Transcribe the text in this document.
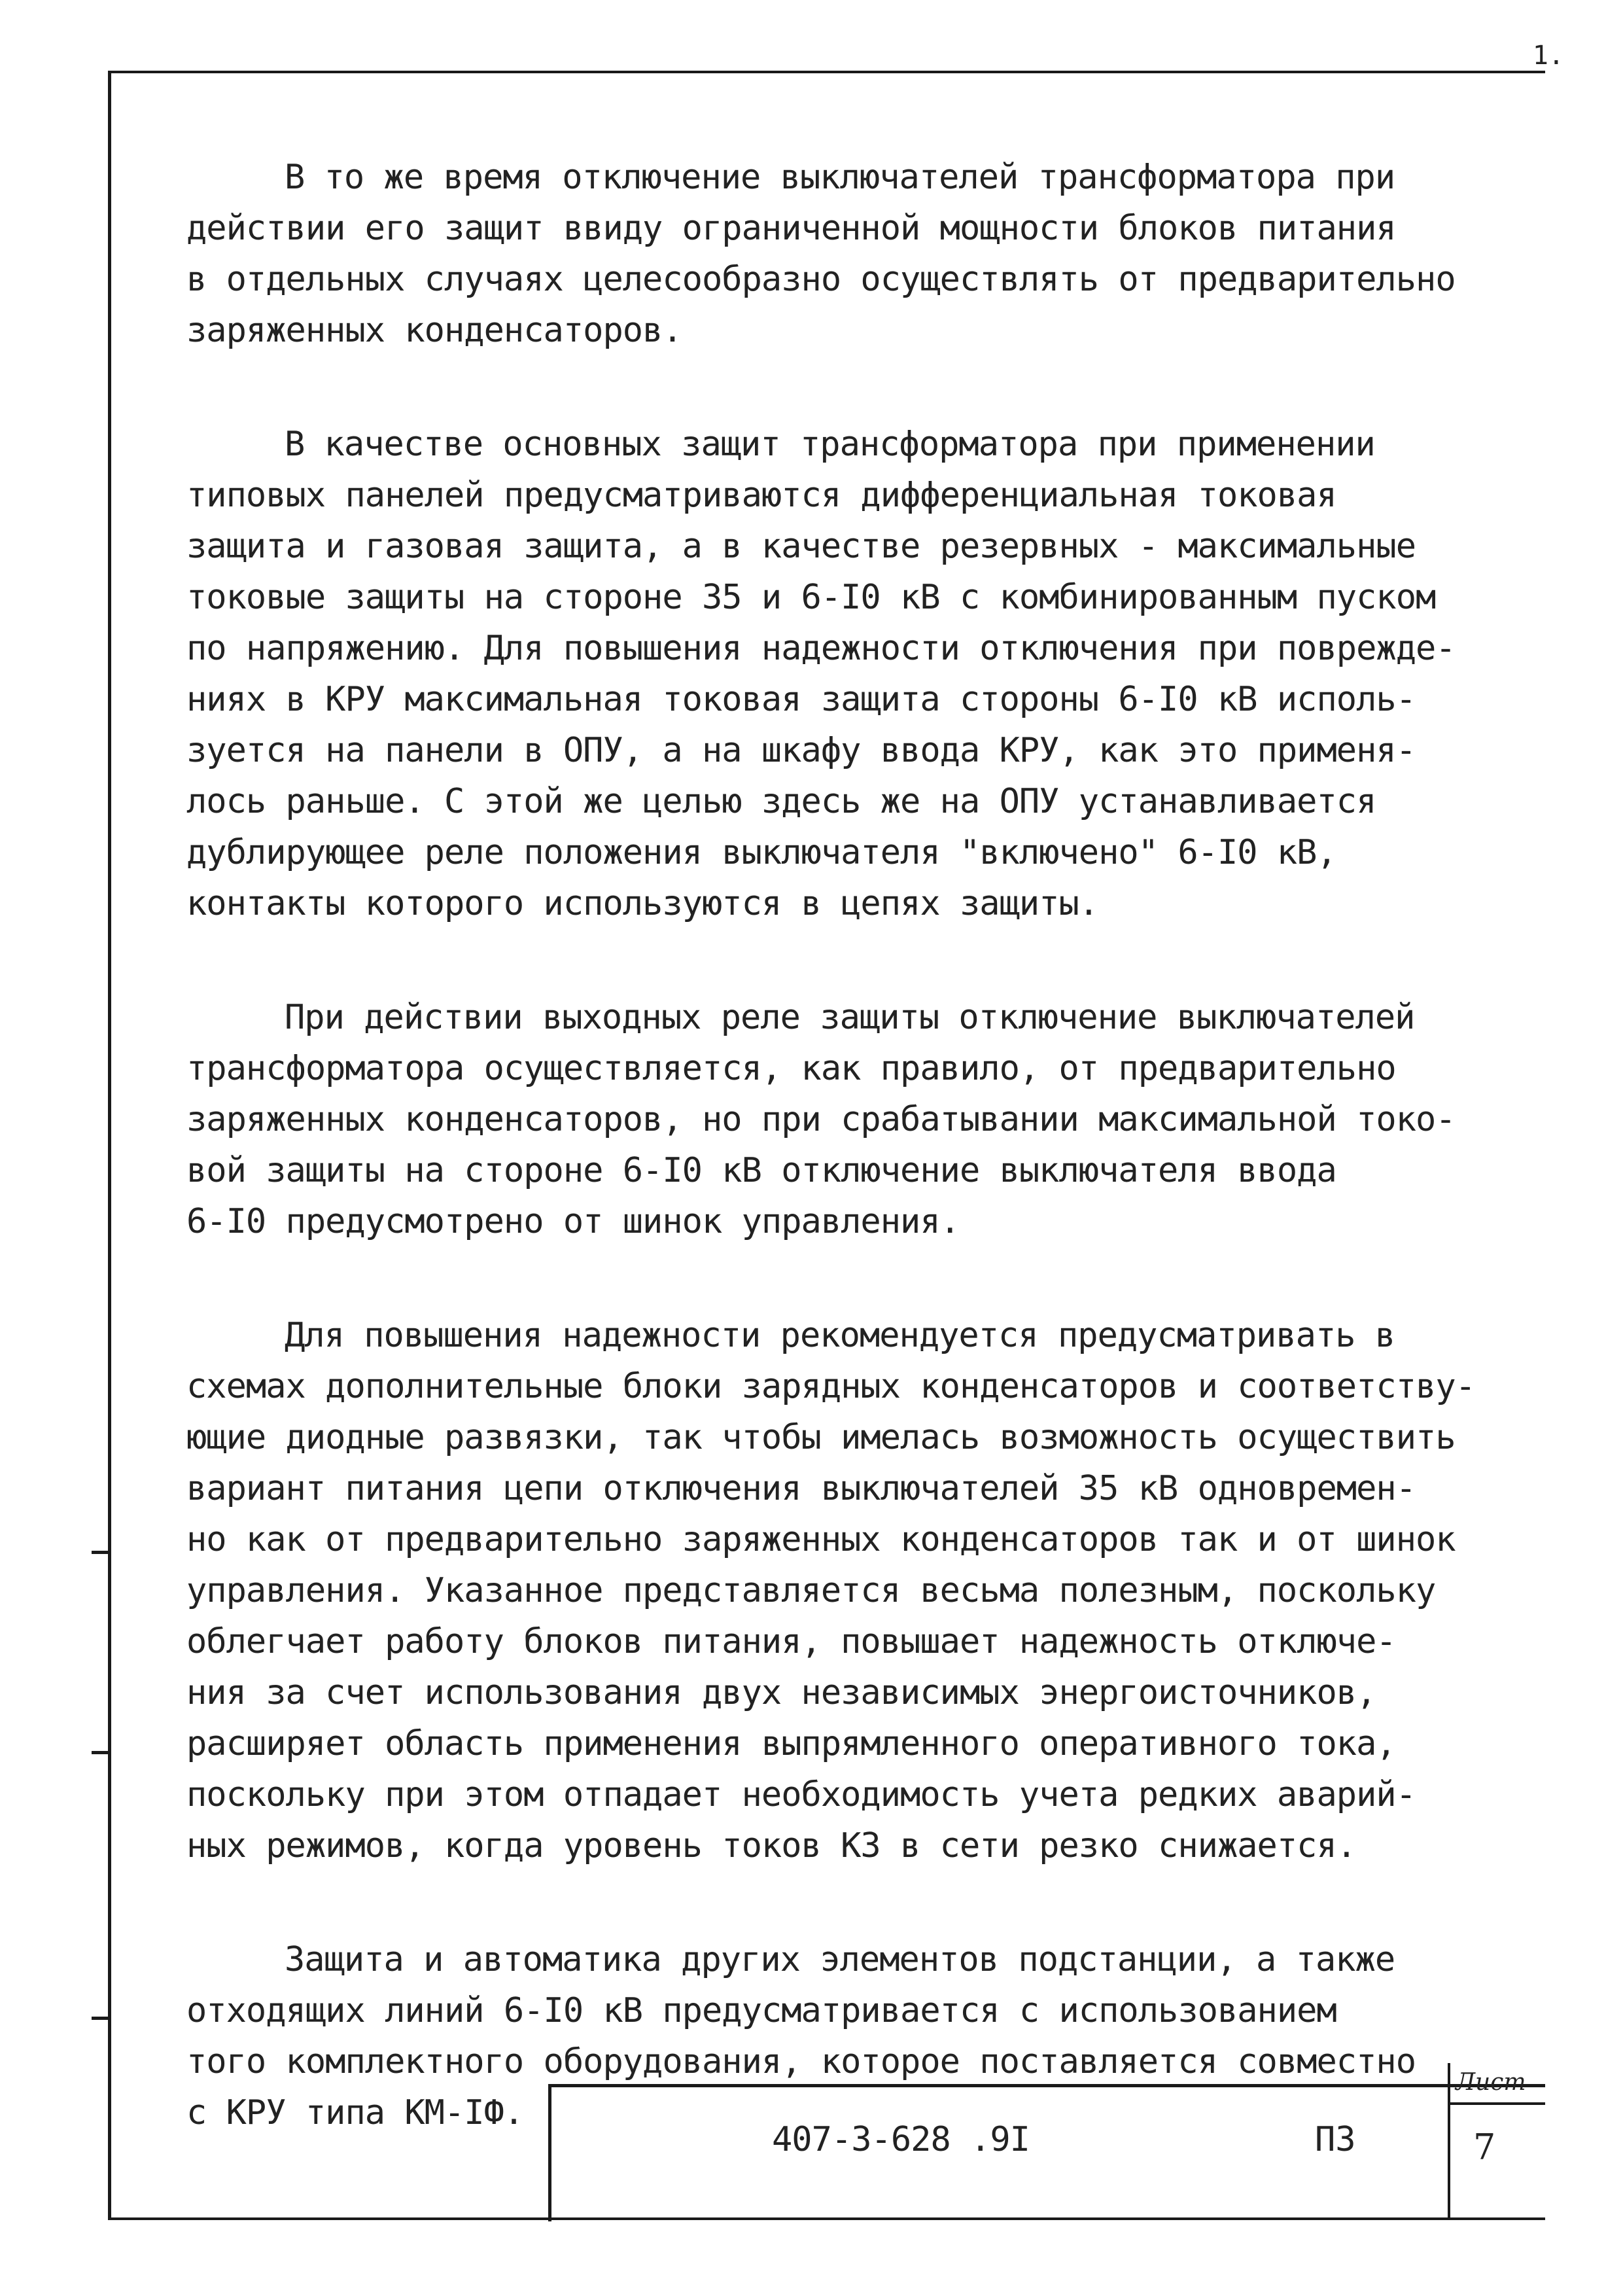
1.
В то же время отключение выключателей трансформатора при
действии его защит ввиду ограниченной мощности блоков питания
в отдельных случаях целесообразно осуществлять от предварительно
заряженных конденсаторов.
В качестве основных защит трансформатора при применении
типовых панелей предусматриваются дифференциальная токовая
защита и газовая защита, а в качестве резервных - максимальные
токовые защиты на стороне 35 и 6-I0 кВ с комбинированным пуском
по напряжению. Для повышения надежности отключения при поврежде-
ниях в КРУ максимальная токовая защита стороны 6-I0 кВ исполь-
зуется на панели в ОПУ, а на шкафу ввода КРУ, как это применя-
лось раньше. С этой же целью здесь же на ОПУ устанавливается
дублирующее реле положения выключателя "включено" 6-I0 кВ,
контакты которого используются в цепях защиты.
При действии выходных реле защиты отключение выключателей
трансформатора осуществляется, как правило, от предварительно
заряженных конденсаторов, но при срабатывании максимальной токо-
вой защиты на стороне 6-I0 кВ отключение выключателя ввода
6-I0 предусмотрено от шинок управления.
Для повышения надежности рекомендуется предусматривать в
схемах дополнительные блоки зарядных конденсаторов и соответству-
ющие диодные развязки, так чтобы имелась возможность осуществить
вариант питания цепи отключения выключателей 35 кВ одновремен-
но как от предварительно заряженных конденсаторов так и от шинок
управления. Указанное представляется весьма полезным, поскольку
облегчает работу блоков питания, повышает надежность отключе-
ния за счет использования двух независимых энергоисточников,
расширяет область применения выпрямленного оперативного тока,
поскольку при этом отпадает необходимость учета редких аварий-
ных режимов, когда уровень токов КЗ в сети резко снижается.
Защита и автоматика других элементов подстанции, а также
отходящих линий 6-I0 кВ предусматривается с использованием
того комплектного оборудования, которое поставляется совместно
с КРУ типа КМ-IФ.
407-3-628 .9I	ПЗ
Лист
7
